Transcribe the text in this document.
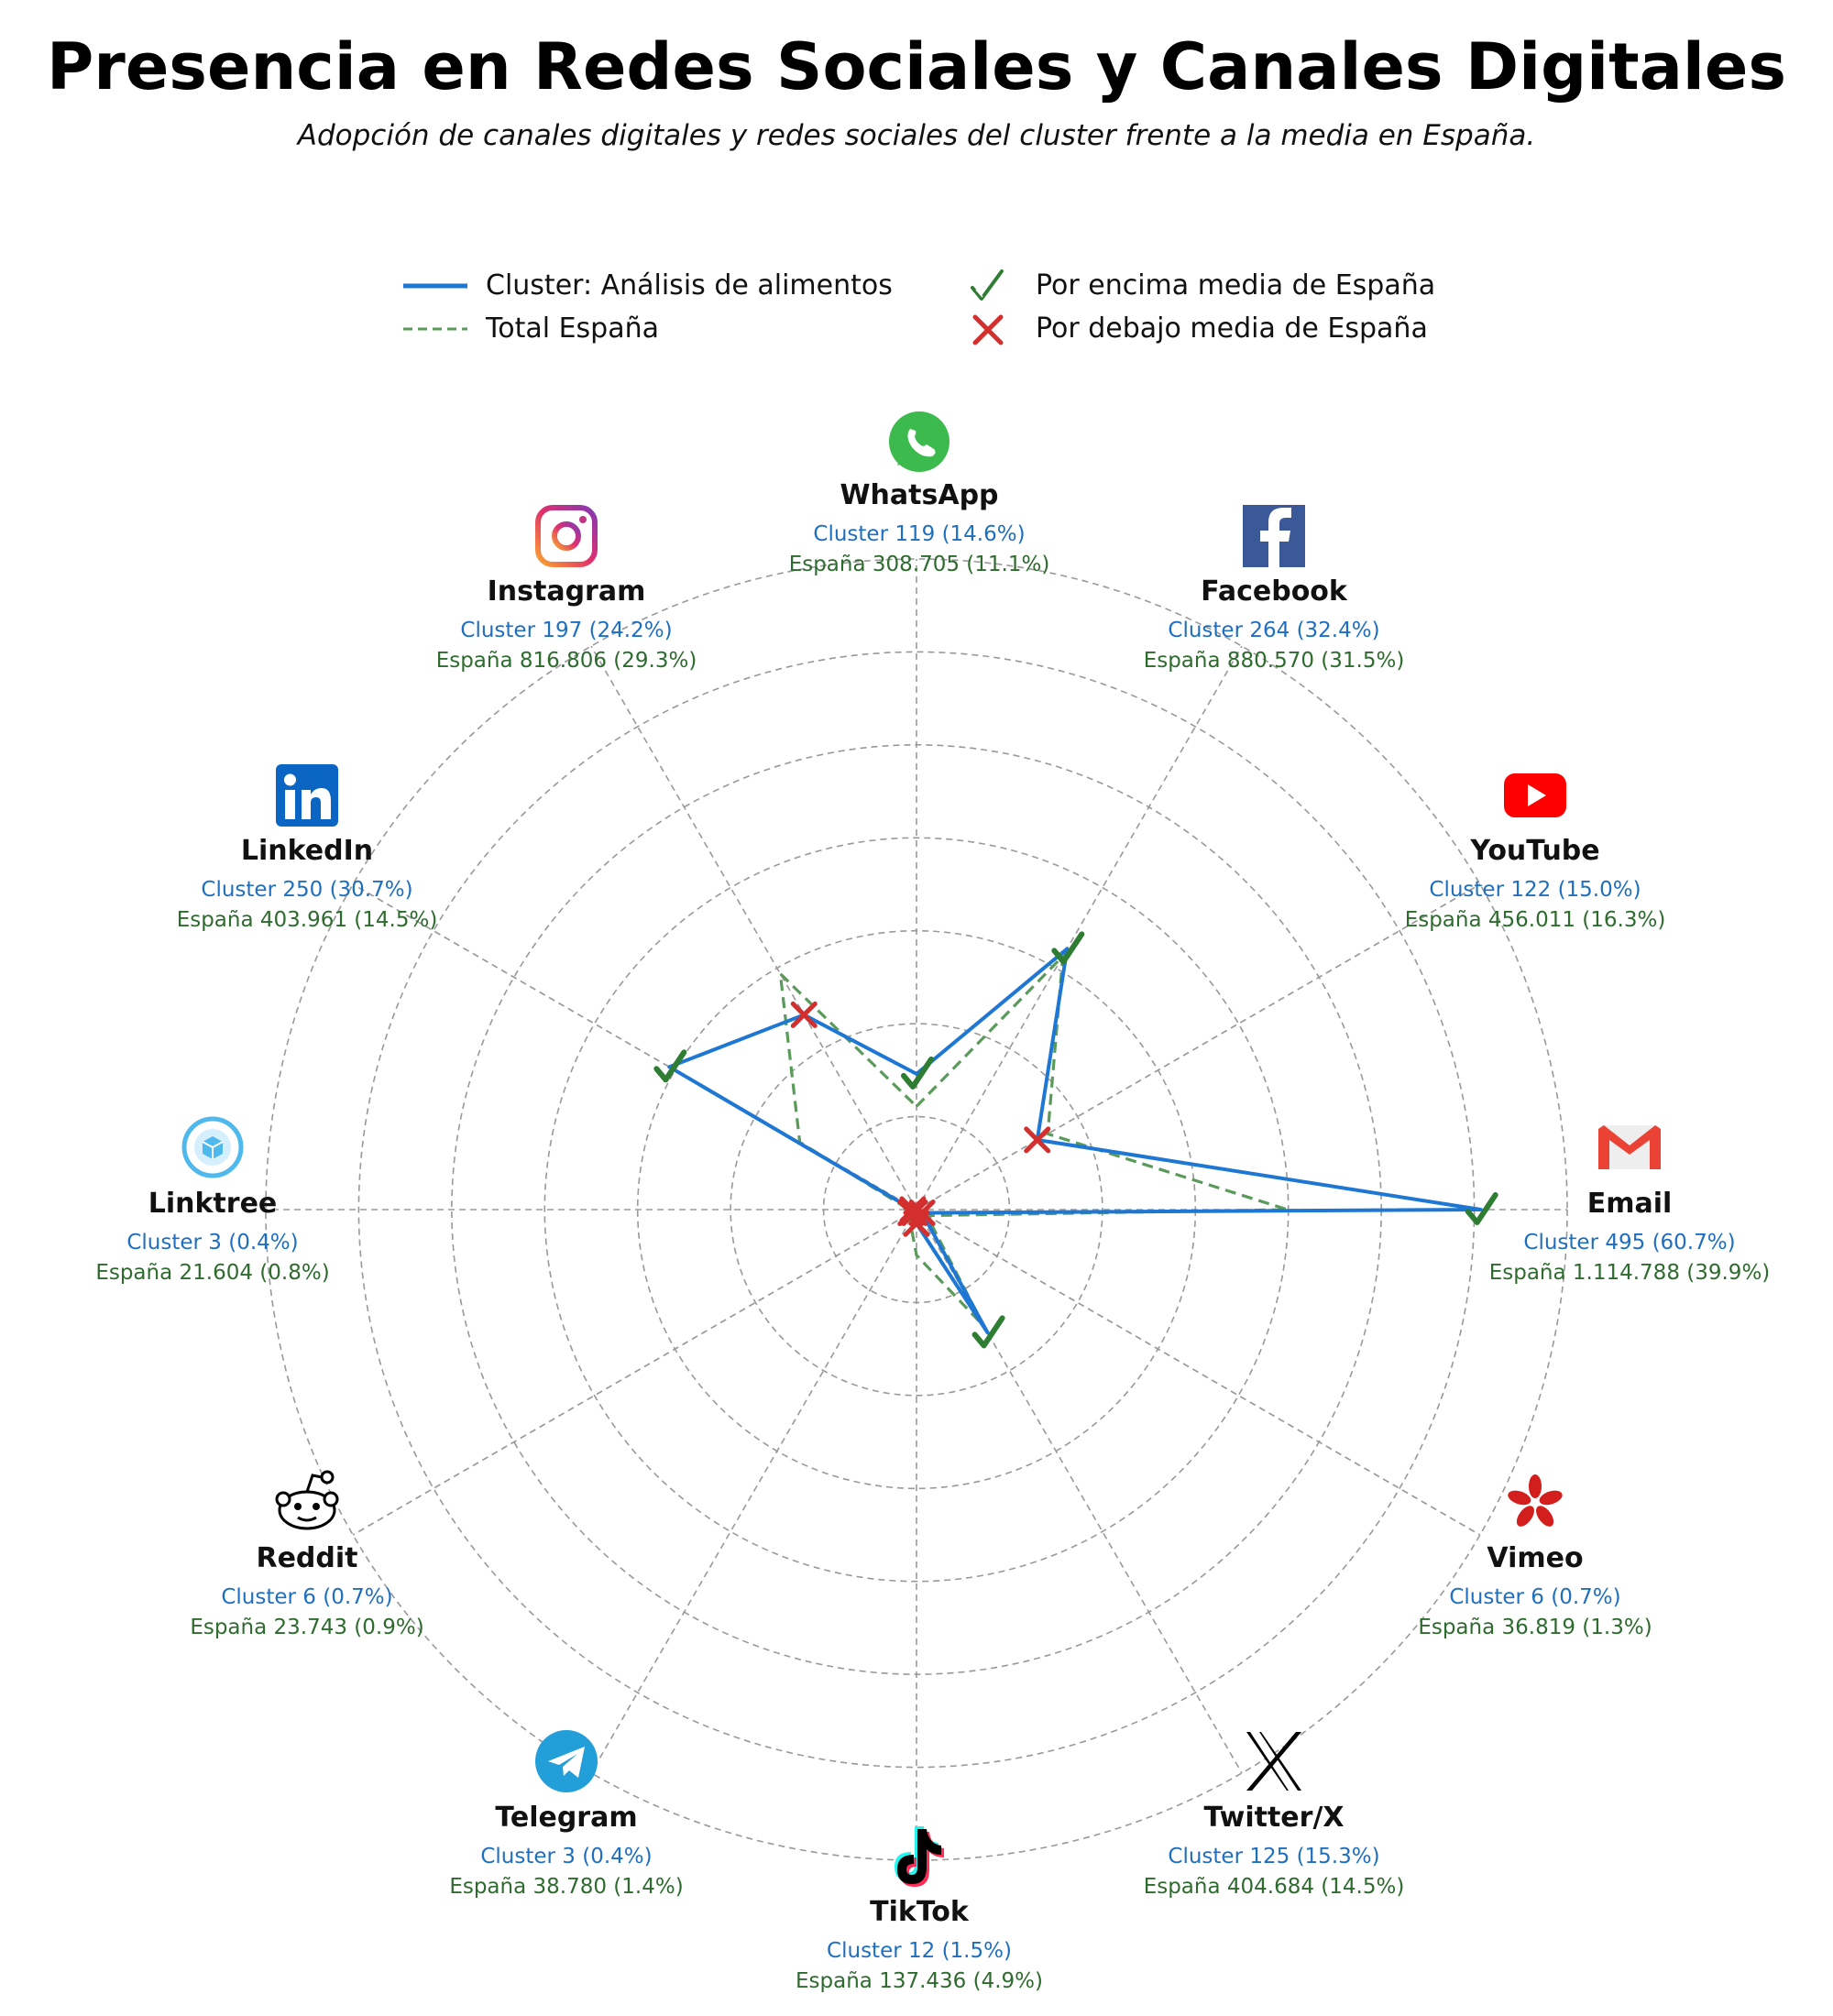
Presencia en Redes Sociales y Canales Digitales
Adopción de canales digitales y redes sociales del cluster frente a la media en España.
Cluster: Análisis de alimentos
Total España
Por encima media de España
Por debajo media de España
WhatsApp
Cluster 119 (14.6%)
España 308.705 (11.1%)
Facebook
Cluster 264 (32.4%)
España 880.570 (31.5%)
YouTube
Cluster 122 (15.0%)
España 456.011 (16.3%)
Email
Cluster 495 (60.7%)
España 1.114.788 (39.9%)
Vimeo
Cluster 6 (0.7%)
España 36.819 (1.3%)
Twitter/X
Cluster 125 (15.3%)
España 404.684 (14.5%)
TikTok
Cluster 12 (1.5%)
España 137.436 (4.9%)
Telegram
Cluster 3 (0.4%)
España 38.780 (1.4%)
Reddit
Cluster 6 (0.7%)
España 23.743 (0.9%)
Linktree
Cluster 3 (0.4%)
España 21.604 (0.8%)
LinkedIn
Cluster 250 (30.7%)
España 403.961 (14.5%)
Instagram
Cluster 197 (24.2%)
España 816.806 (29.3%)
